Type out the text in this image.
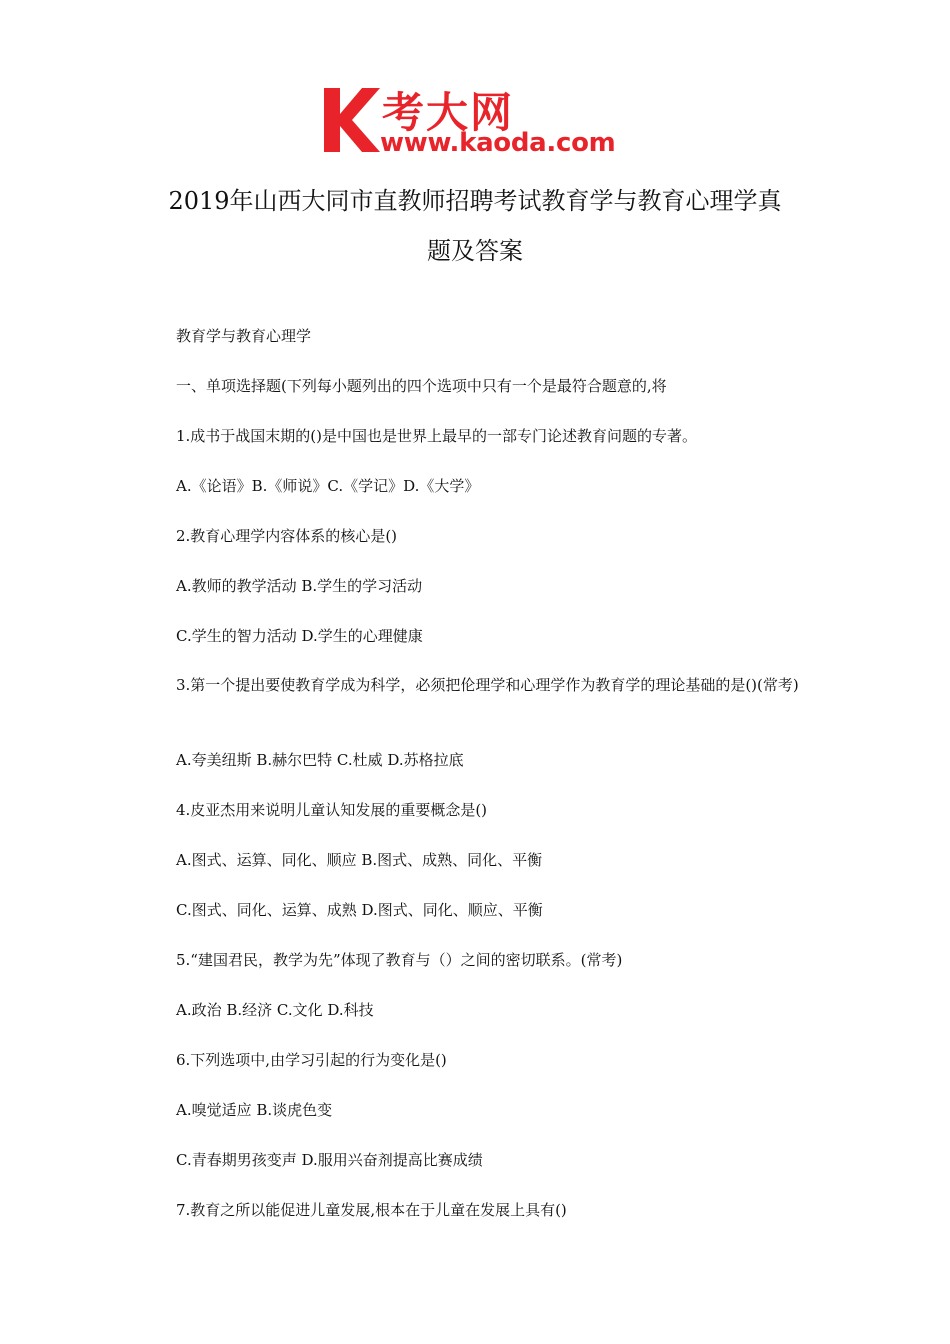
考大网
www.kaoda.com
2019年山西大同市直教师招聘考试教育学与教育心理学真
题及答案
教育学与教育心理学
一、单项选择题(下列每小题列出的四个选项中只有一个是最符合题意的,将
1.成书于战国末期的()是中国也是世界上最早的一部专门论述教育问题的专著。
A.《论语》B.《师说》C.《学记》D.《大学》
2.教育心理学内容体系的核心是()
A.教师的教学活动 B.学生的学习活动
C.学生的智力活动 D.学生的心理健康
3.第一个提出要使教育学成为科学，必须把伦理学和心理学作为教育学的理论基础的是()(常考)
A.夸美纽斯 B.赫尔巴特 C.杜威 D.苏格拉底
4.皮亚杰用来说明儿童认知发展的重要概念是()
A.图式、运算、同化、顺应 B.图式、成熟、同化、平衡
C.图式、同化、运算、成熟 D.图式、同化、顺应、平衡
5.“建国君民，教学为先”体现了教育与（）之间的密切联系。(常考)
A.政治 B.经济 C.文化 D.科技
6.下列选项中,由学习引起的行为变化是()
A.嗅觉适应 B.谈虎色变
C.青春期男孩变声 D.服用兴奋剂提高比赛成绩
7.教育之所以能促进儿童发展,根本在于儿童在发展上具有()
